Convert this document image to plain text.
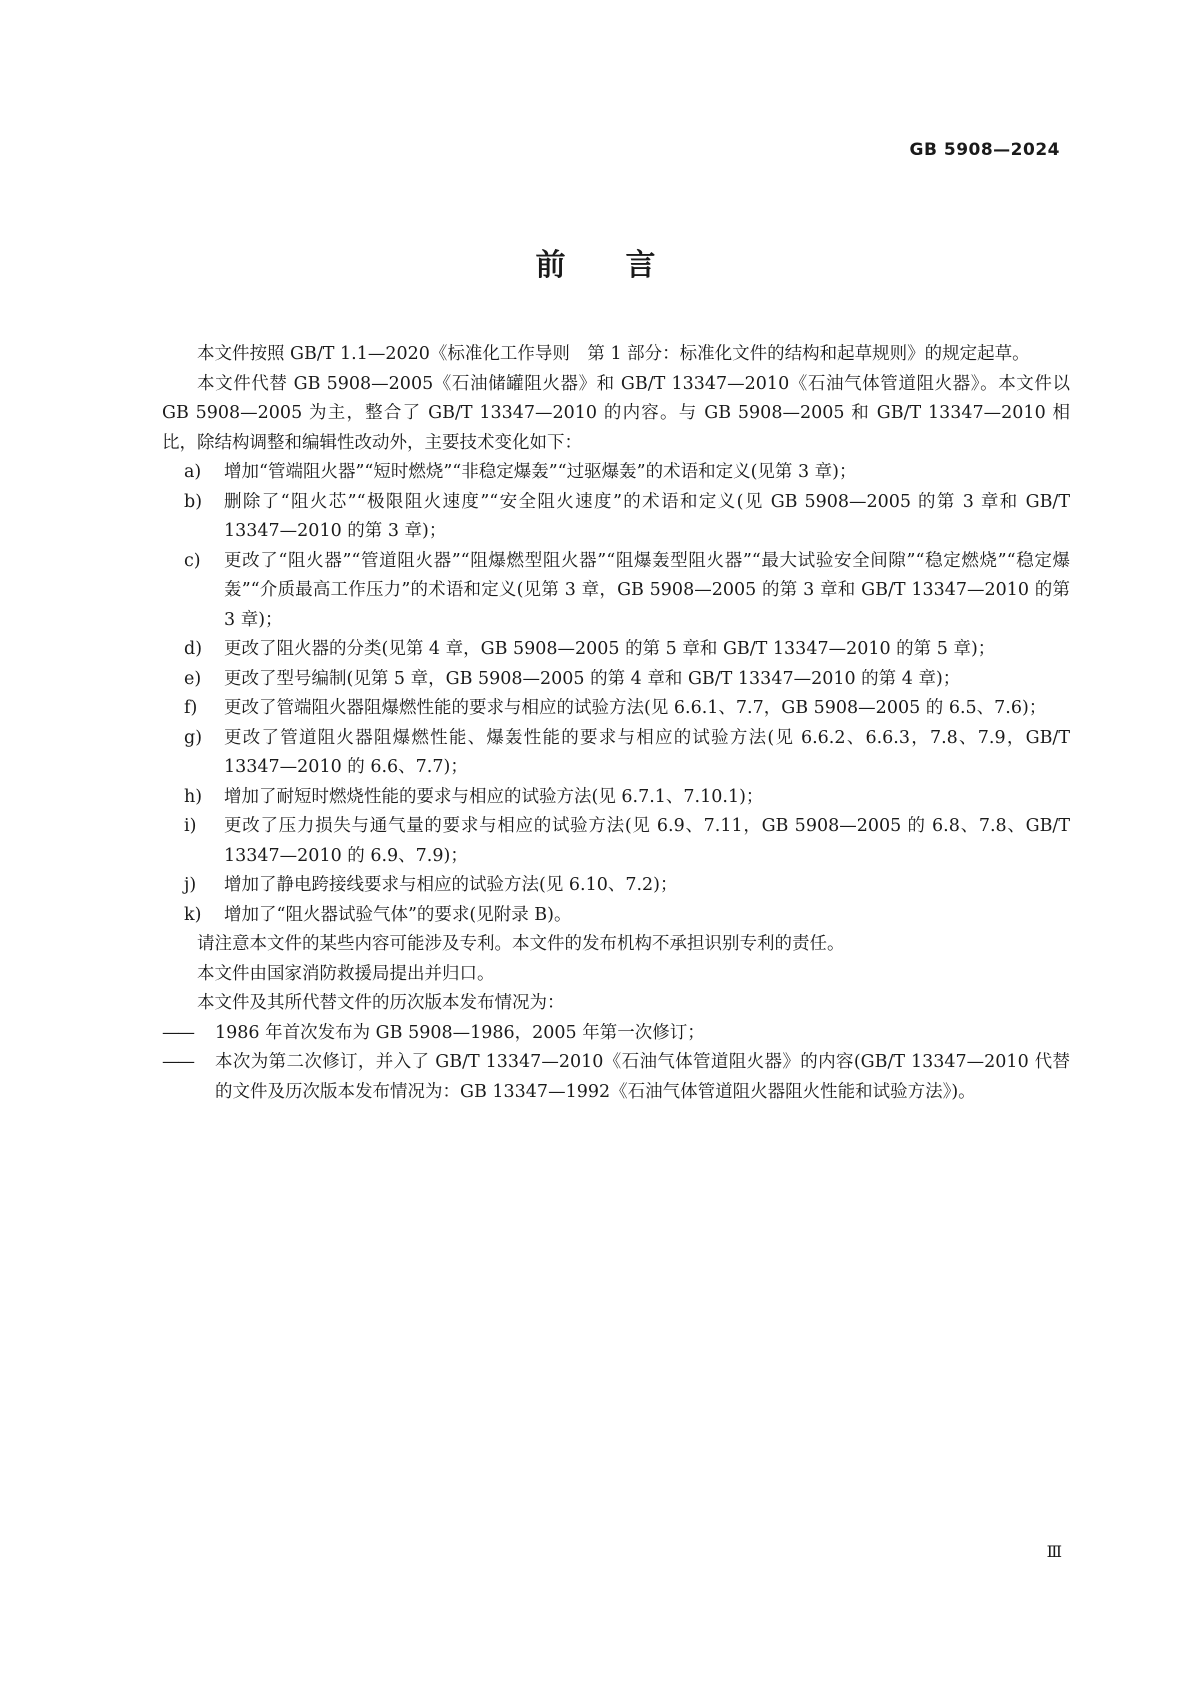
GB 5908—2024
前言

本文件按照 GB/T 1.1—2020《标准化工作导则　第 1 部分：标准化文件的结构和起草规则》的规定起草。

本文件代替 GB 5908—2005《石油储罐阻火器》和 GB/T 13347—2010《石油气体管道阻火器》。本文件以 GB 5908—2005 为主，整合了 GB/T 13347—2010 的内容。与 GB 5908—2005 和 GB/T 13347—2010 相比，除结构调整和编辑性改动外，主要技术变化如下：

a) 增加“管端阻火器”“短时燃烧”“非稳定爆轰”“过驱爆轰”的术语和定义(见第 3 章)；

b) 删除了“阻火芯”“极限阻火速度”“安全阻火速度”的术语和定义(见 GB 5908—2005 的第 3 章和 GB/T 13347—2010 的第 3 章)；

c) 更改了“阻火器”“管道阻火器”“阻爆燃型阻火器”“阻爆轰型阻火器”“最大试验安全间隙”“稳定燃烧”“稳定爆轰”“介质最高工作压力”的术语和定义(见第 3 章，GB 5908—2005 的第 3 章和 GB/T 13347—2010 的第 3 章)；

d) 更改了阻火器的分类(见第 4 章，GB 5908—2005 的第 5 章和 GB/T 13347—2010 的第 5 章)；

e) 更改了型号编制(见第 5 章，GB 5908—2005 的第 4 章和 GB/T 13347—2010 的第 4 章)；

f) 更改了管端阻火器阻爆燃性能的要求与相应的试验方法(见 6.6.1、7.7，GB 5908—2005 的 6.5、7.6)；

g) 更改了管道阻火器阻爆燃性能、爆轰性能的要求与相应的试验方法(见 6.6.2、6.6.3，7.8、7.9，GB/T 13347—2010 的 6.6、7.7)；

h) 增加了耐短时燃烧性能的要求与相应的试验方法(见 6.7.1、7.10.1)；

i) 更改了压力损失与通气量的要求与相应的试验方法(见 6.9、7.11，GB 5908—2005 的 6.8、7.8、GB/T 13347—2010 的 6.9、7.9)；

j) 增加了静电跨接线要求与相应的试验方法(见 6.10、7.2)；

k) 增加了“阻火器试验气体”的要求(见附录 B)。

请注意本文件的某些内容可能涉及专利。本文件的发布机构不承担识别专利的责任。

本文件由国家消防救援局提出并归口。

本文件及其所代替文件的历次版本发布情况为：

—— 1986 年首次发布为 GB 5908—1986，2005 年第一次修订；

—— 本次为第二次修订，并入了 GB/T 13347—2010《石油气体管道阻火器》的内容(GB/T 13347—2010 代替的文件及历次版本发布情况为：GB 13347—1992《石油气体管道阻火器阻火性能和试验方法》)。

Ⅲ
